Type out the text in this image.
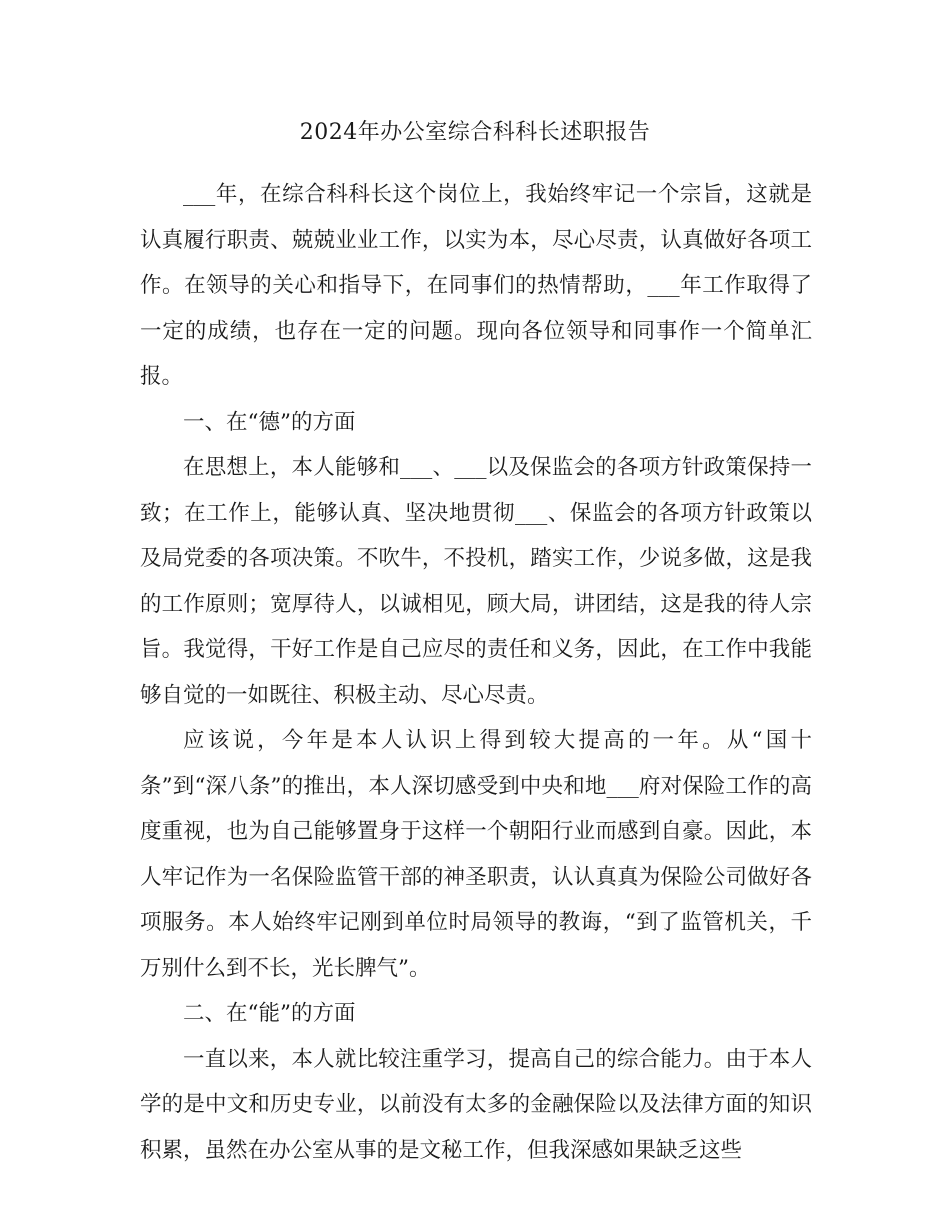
2024年办公室综合科科长述职报告

___年，在综合科科长这个岗位上，我始终牢记一个宗旨，这就是认真履行职责、兢兢业业工作，以实为本，尽心尽责，认真做好各项工作。在领导的关心和指导下，在同事们的热情帮助，___年工作取得了一定的成绩，也存在一定的问题。现向各位领导和同事作一个简单汇报。

一、在“德”的方面

在思想上，本人能够和___、___以及保监会的各项方针政策保持一致；在工作上，能够认真、坚决地贯彻___、保监会的各项方针政策以及局党委的各项决策。不吹牛，不投机，踏实工作，少说多做，这是我的工作原则；宽厚待人，以诚相见，顾大局，讲团结，这是我的待人宗旨。我觉得，干好工作是自己应尽的责任和义务，因此，在工作中我能够自觉的一如既往、积极主动、尽心尽责。

应该说，今年是本人认识上得到较大提高的一年。从“国十条”到“深八条”的推出，本人深切感受到中央和地___府对保险工作的高度重视，也为自己能够置身于这样一个朝阳行业而感到自豪。因此，本人牢记作为一名保险监管干部的神圣职责，认认真真为保险公司做好各项服务。本人始终牢记刚到单位时局领导的教诲，“到了监管机关，千万别什么到不长，光长脾气”。

二、在“能”的方面

一直以来，本人就比较注重学习，提高自己的综合能力。由于本人学的是中文和历史专业，以前没有太多的金融保险以及法律方面的知识积累，虽然在办公室从事的是文秘工作，但我深感如果缺乏这些
